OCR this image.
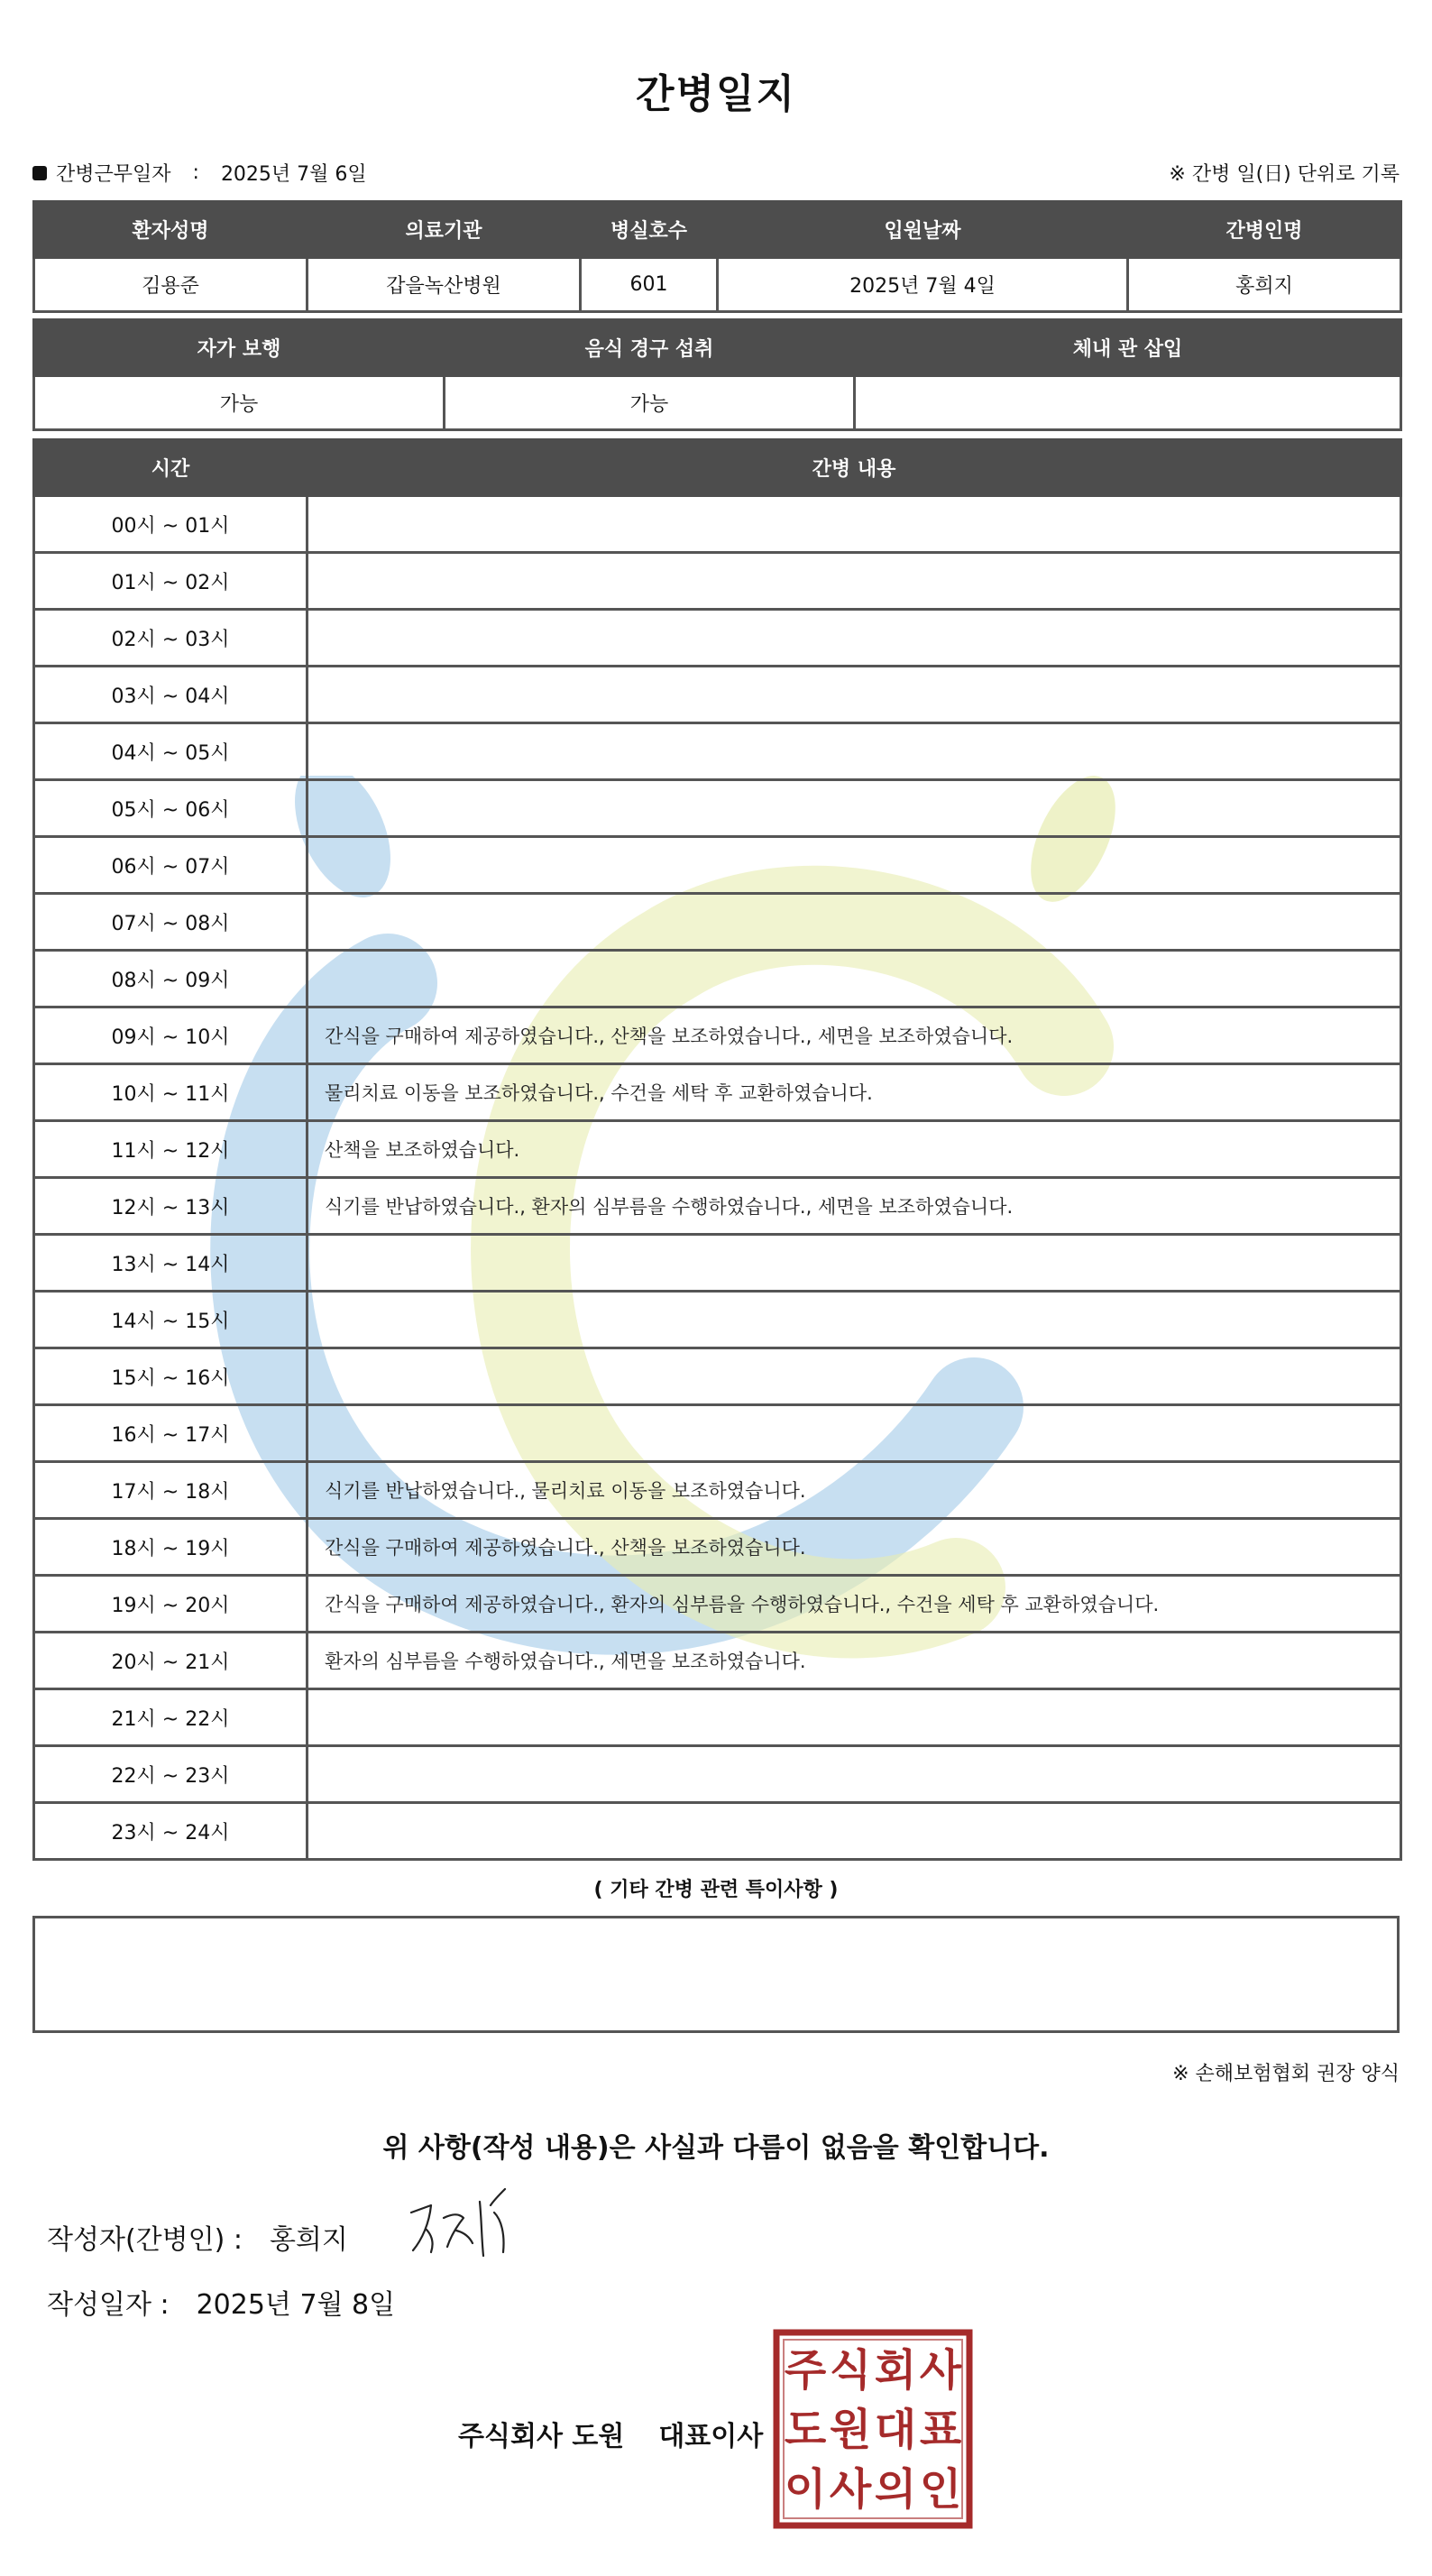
간병일지
간병근무일자 : 2025년 7월 6일	※ 간병 일(日) 단위로 기록
환자성명	의료기관	병실호수	입원날짜	간병인명
김용준	갑을녹산병원	601	2025년 7월 4일	홍희지
자가 보행	음식 경구 섭취	체내 관 삽입
가능	가능	
시간	간병 내용
00시 ~ 01시	
01시 ~ 02시	
02시 ~ 03시	
03시 ~ 04시	
04시 ~ 05시	
05시 ~ 06시	
06시 ~ 07시	
07시 ~ 08시	
08시 ~ 09시	
09시 ~ 10시	간식을 구매하여 제공하였습니다., 산책을 보조하였습니다., 세면을 보조하였습니다.
10시 ~ 11시	물리치료 이동을 보조하였습니다., 수건을 세탁 후 교환하였습니다.
11시 ~ 12시	산책을 보조하였습니다.
12시 ~ 13시	식기를 반납하였습니다., 환자의 심부름을 수행하였습니다., 세면을 보조하였습니다.
13시 ~ 14시	
14시 ~ 15시	
15시 ~ 16시	
16시 ~ 17시	
17시 ~ 18시	식기를 반납하였습니다., 물리치료 이동을 보조하였습니다.
18시 ~ 19시	간식을 구매하여 제공하였습니다., 산책을 보조하였습니다.
19시 ~ 20시	간식을 구매하여 제공하였습니다., 환자의 심부름을 수행하였습니다., 수건을 세탁 후 교환하였습니다.
20시 ~ 21시	환자의 심부름을 수행하였습니다., 세면을 보조하였습니다.
21시 ~ 22시	
22시 ~ 23시	
23시 ~ 24시	
( 기타 간병 관련 특이사항 )
※ 손해보험협회 권장 양식
위 사항(작성 내용)은 사실과 다름이 없음을 확인합니다.
작성자(간병인) : 홍희지
작성일자 : 2025년 7월 8일
주식회사 도원 대표이사
주 식 회 사
도 원 대 표
이 사 의 인
